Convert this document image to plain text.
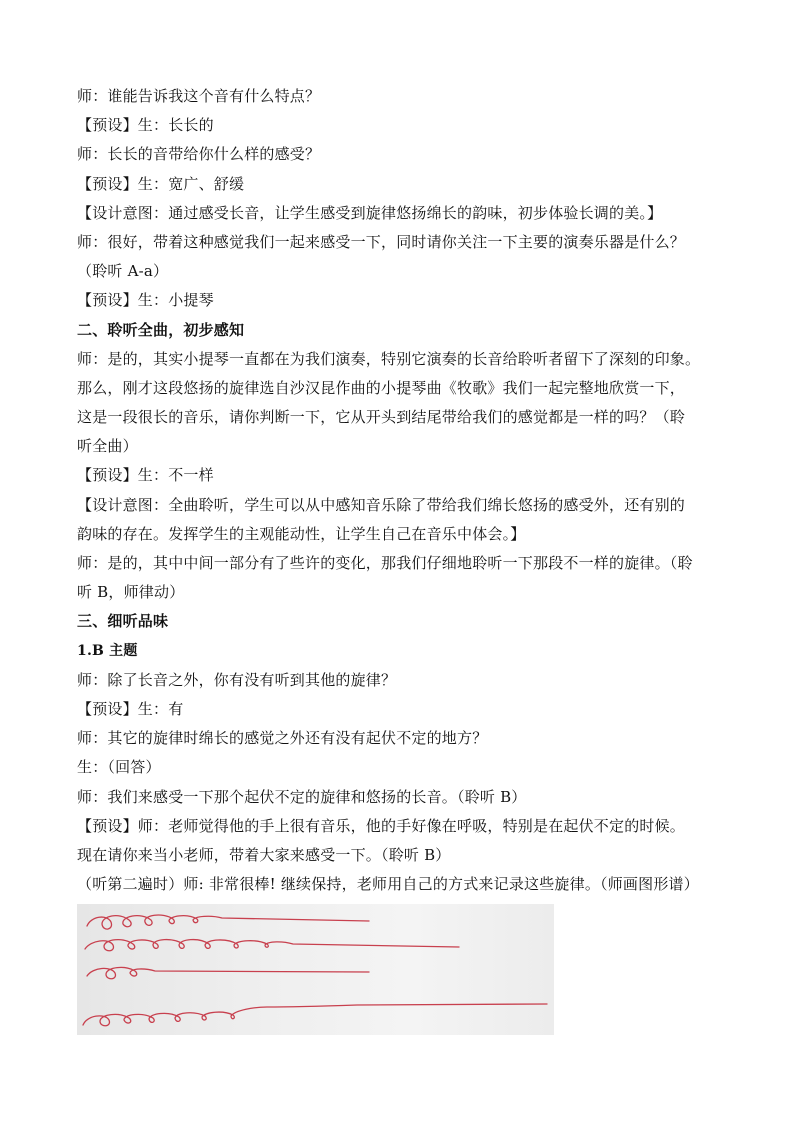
师：谁能告诉我这个音有什么特点？
【预设】生：长长的
师：长长的音带给你什么样的感受？
【预设】生：宽广、舒缓
【设计意图：通过感受长音，让学生感受到旋律悠扬绵长的韵味，初步体验长调的美。】
师：很好，带着这种感觉我们一起来感受一下，同时请你关注一下主要的演奏乐器是什么？
（聆听 A-a）
【预设】生：小提琴
二、聆听全曲，初步感知
师：是的，其实小提琴一直都在为我们演奏，特别它演奏的长音给聆听者留下了深刻的印象。
那么，刚才这段悠扬的旋律选自沙汉昆作曲的小提琴曲《牧歌》我们一起完整地欣赏一下，
这是一段很长的音乐，请你判断一下，它从开头到结尾带给我们的感觉都是一样的吗？（聆
听全曲）
【预设】生：不一样
【设计意图：全曲聆听，学生可以从中感知音乐除了带给我们绵长悠扬的感受外，还有别的
韵味的存在。发挥学生的主观能动性，让学生自己在音乐中体会。】
师：是的，其中中间一部分有了些许的变化，那我们仔细地聆听一下那段不一样的旋律。（聆
听 B，师律动）
三、细听品味
1.B 主题
师：除了长音之外，你有没有听到其他的旋律？
【预设】生：有
师：其它的旋律时绵长的感觉之外还有没有起伏不定的地方？
生：（回答）
师：我们来感受一下那个起伏不定的旋律和悠扬的长音。（聆听 B）
【预设】师：老师觉得他的手上很有音乐，他的手好像在呼吸，特别是在起伏不定的时候。
现在请你来当小老师，带着大家来感受一下。（聆听 B）
（听第二遍时）师: 非常很棒! 继续保持，老师用自己的方式来记录这些旋律。（师画图形谱）
